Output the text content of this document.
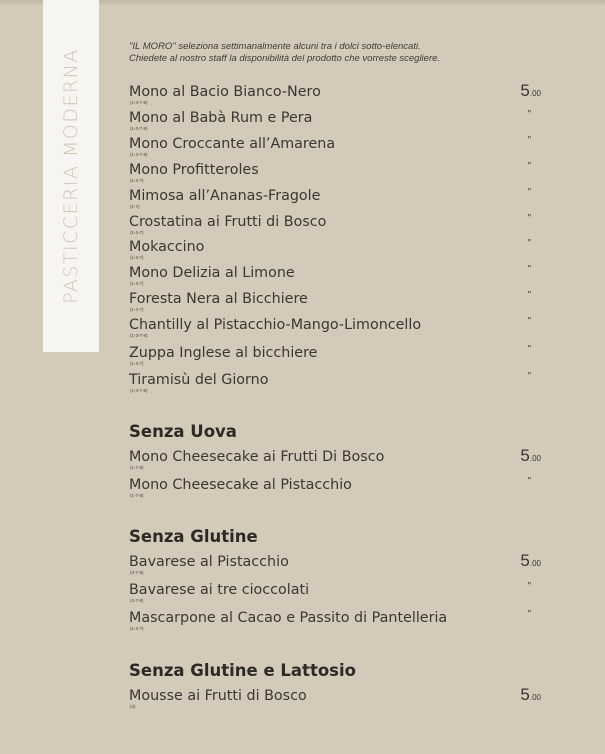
PASTICCERIA MODERNA
"IL MORO" seleziona settimanalmente alcuni tra i dolci sotto-elencati.
Chiedete al nostro staff la disponibilità del prodotto che vorreste scegliere.
Mono al Bacio Bianco-Nero
(1-3-7-8)
5.00
Mono al Babà Rum e Pera
(1-3-7-8)
"
Mono Croccante all’Amarena
(1-3-7-8)
"
Mono Profitteroles
(1-3-7)
"
Mimosa all’Ananas-Fragole
(1-7)
"
Crostatina ai Frutti di Bosco
(1-3-7)
"
Mokaccino
(1-3-7)
"
Mono Delizia al Limone
(1-3-7)
"
Foresta Nera al Bicchiere
(1-3-7)
"
Chantilly al Pistacchio-Mango-Limoncello
(1-3-7-8)
"
Zuppa Inglese al bicchiere
(1-3-7)
"
Tiramisù del Giorno
(1-3-7-8)
"
Senza Uova
Mono Cheesecake ai Frutti Di Bosco
(1-7-8)
5.00
Mono Cheesecake al Pistacchio
(1-7-8)
"
Senza Glutine
Bavarese al Pistacchio
(3-7-8)
5.00
Bavarese ai tre cioccolati
(3-7-8)
"
Mascarpone al Cacao e Passito di Pantelleria
(1-3-7)
"
Senza Glutine e Lattosio
Mousse ai Frutti di Bosco
(3)
5.00
